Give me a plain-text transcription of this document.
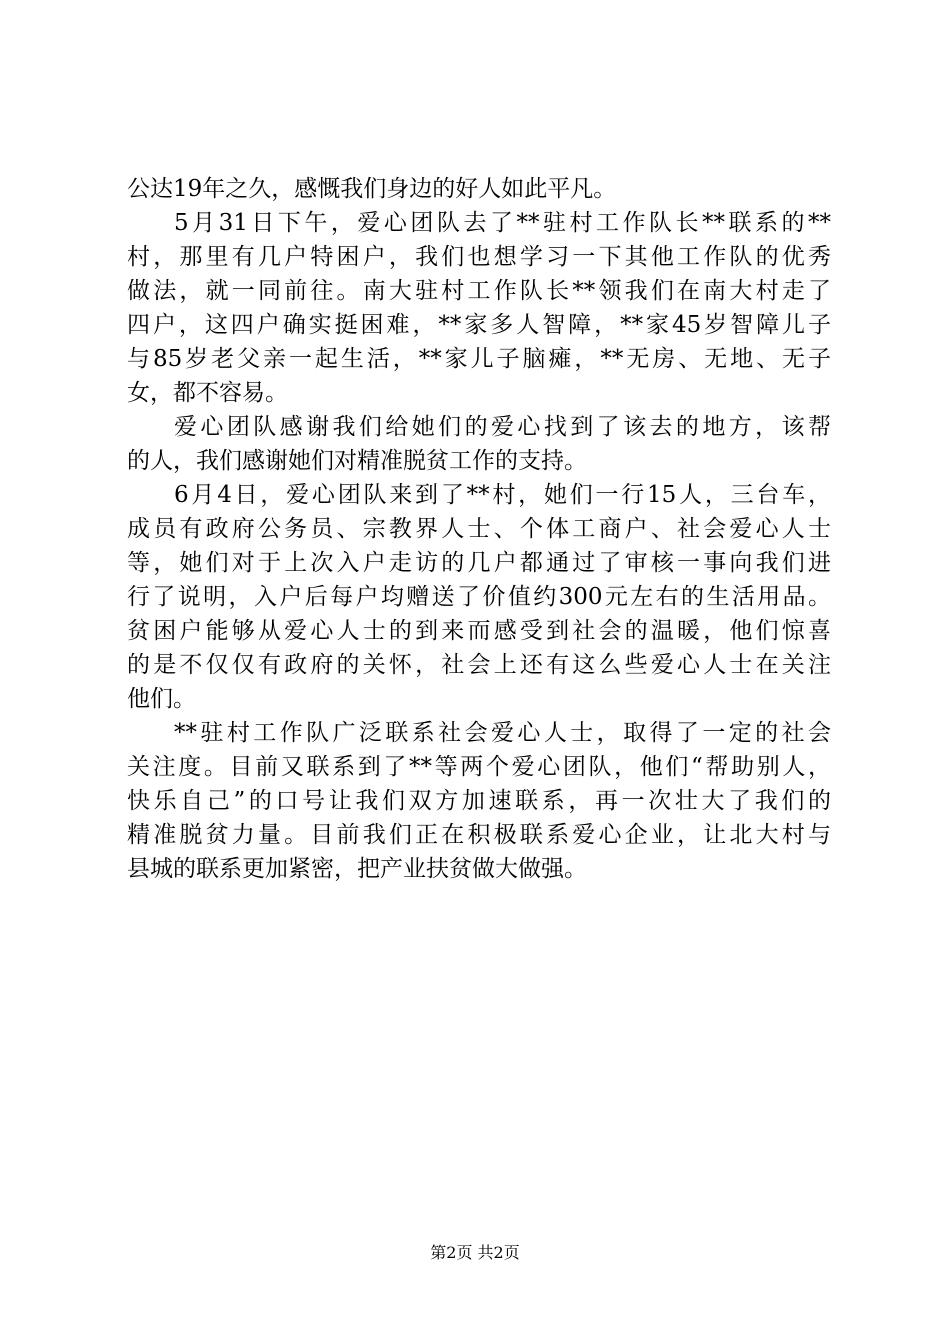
公达19年之久，感慨我们身边的好人如此平凡。
5月31日下午，爱心团队去了**驻村工作队长**联系的**
村，那里有几户特困户，我们也想学习一下其他工作队的优秀
做法，就一同前往。南大驻村工作队长**领我们在南大村走了
四户，这四户确实挺困难，**家多人智障，**家45岁智障儿子
与85岁老父亲一起生活，**家儿子脑瘫，**无房、无地、无子
女，都不容易。
爱心团队感谢我们给她们的爱心找到了该去的地方，该帮
的人，我们感谢她们对精准脱贫工作的支持。
6月4日，爱心团队来到了**村，她们一行15人，三台车，
成员有政府公务员、宗教界人士、个体工商户、社会爱心人士
等，她们对于上次入户走访的几户都通过了审核一事向我们进
行了说明，入户后每户均赠送了价值约300元左右的生活用品。
贫困户能够从爱心人士的到来而感受到社会的温暖，他们惊喜
的是不仅仅有政府的关怀，社会上还有这么些爱心人士在关注
他们。
**驻村工作队广泛联系社会爱心人士，取得了一定的社会
关注度。目前又联系到了**等两个爱心团队，他们“帮助别人，
快乐自己”的口号让我们双方加速联系，再一次壮大了我们的
精准脱贫力量。目前我们正在积极联系爱心企业，让北大村与
县城的联系更加紧密，把产业扶贫做大做强。
第2页 共2页
